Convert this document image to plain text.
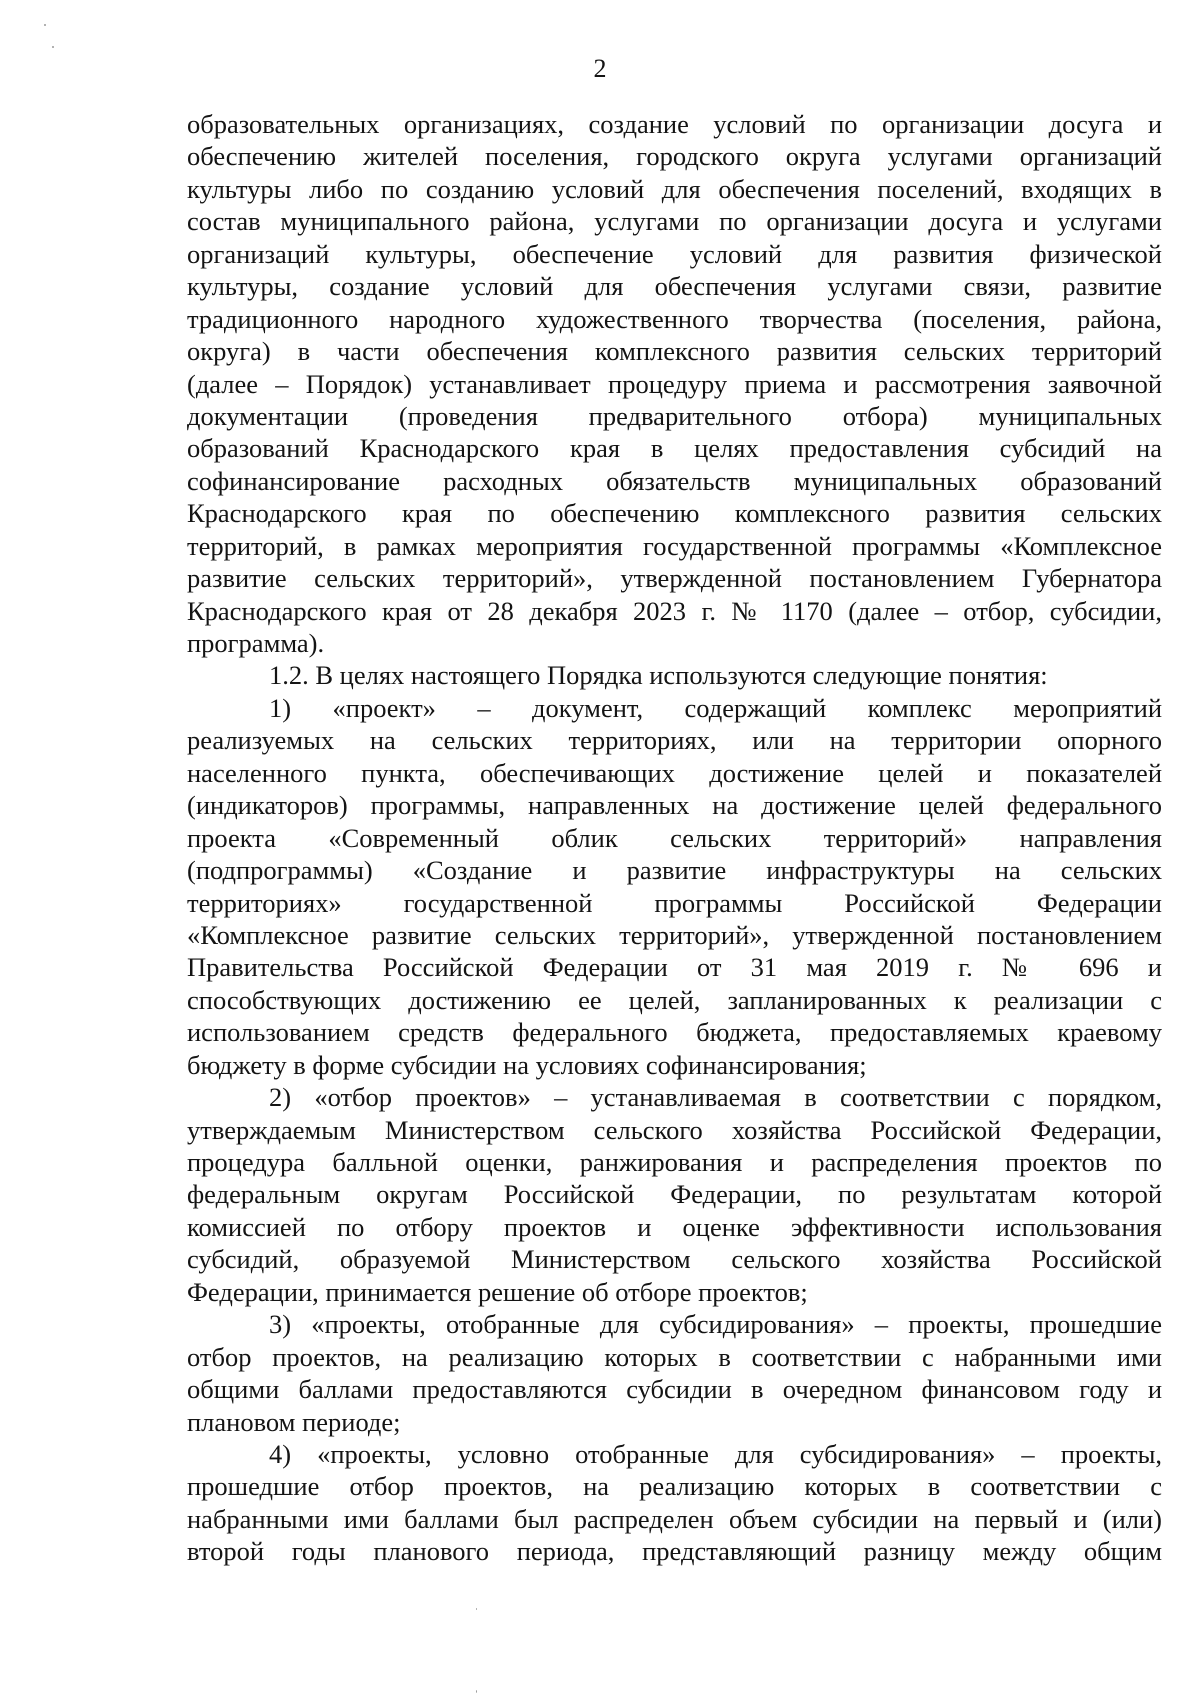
2
образовательных организациях, создание условий по организации досуга и
обеспечению жителей поселения, городского округа услугами организаций
культуры либо по созданию условий для обеспечения поселений, входящих в
состав муниципального района, услугами по организации досуга и услугами
организаций культуры, обеспечение условий для развития физической
культуры, создание условий для обеспечения услугами связи, развитие
традиционного народного художественного творчества (поселения, района,
округа) в части обеспечения комплексного развития сельских территорий
(далее – Порядок) устанавливает процедуру приема и рассмотрения заявочной
документации (проведения предварительного отбора) муниципальных
образований Краснодарского края в целях предоставления субсидий на
софинансирование расходных обязательств муниципальных образований
Краснодарского края по обеспечению комплексного развития сельских
территорий, в рамках мероприятия государственной программы «Комплексное
развитие сельских территорий», утвержденной постановлением Губернатора
Краснодарского края от 28 декабря 2023 г. № 1170 (далее – отбор, субсидии,
программа).
1.2. В целях настоящего Порядка используются следующие понятия:
1) «проект» – документ, содержащий комплекс мероприятий
реализуемых на сельских территориях, или на территории опорного
населенного пункта, обеспечивающих достижение целей и показателей
(индикаторов) программы, направленных на достижение целей федерального
проекта «Современный облик сельских территорий» направления
(подпрограммы) «Создание и развитие инфраструктуры на сельских
территориях» государственной программы Российской Федерации
«Комплексное развитие сельских территорий», утвержденной постановлением
Правительства Российской Федерации от 31 мая 2019 г. № 696 и
способствующих достижению ее целей, запланированных к реализации с
использованием средств федерального бюджета, предоставляемых краевому
бюджету в форме субсидии на условиях софинансирования;
2) «отбор проектов» – устанавливаемая в соответствии с порядком,
утверждаемым Министерством сельского хозяйства Российской Федерации,
процедура балльной оценки, ранжирования и распределения проектов по
федеральным округам Российской Федерации, по результатам которой
комиссией по отбору проектов и оценке эффективности использования
субсидий, образуемой Министерством сельского хозяйства Российской
Федерации, принимается решение об отборе проектов;
3) «проекты, отобранные для субсидирования» – проекты, прошедшие
отбор проектов, на реализацию которых в соответствии с набранными ими
общими баллами предоставляются субсидии в очередном финансовом году и
плановом периоде;
4) «проекты, условно отобранные для субсидирования» – проекты,
прошедшие отбор проектов, на реализацию которых в соответствии с
набранными ими баллами был распределен объем субсидии на первый и (или)
второй годы планового периода, представляющий разницу между общим
